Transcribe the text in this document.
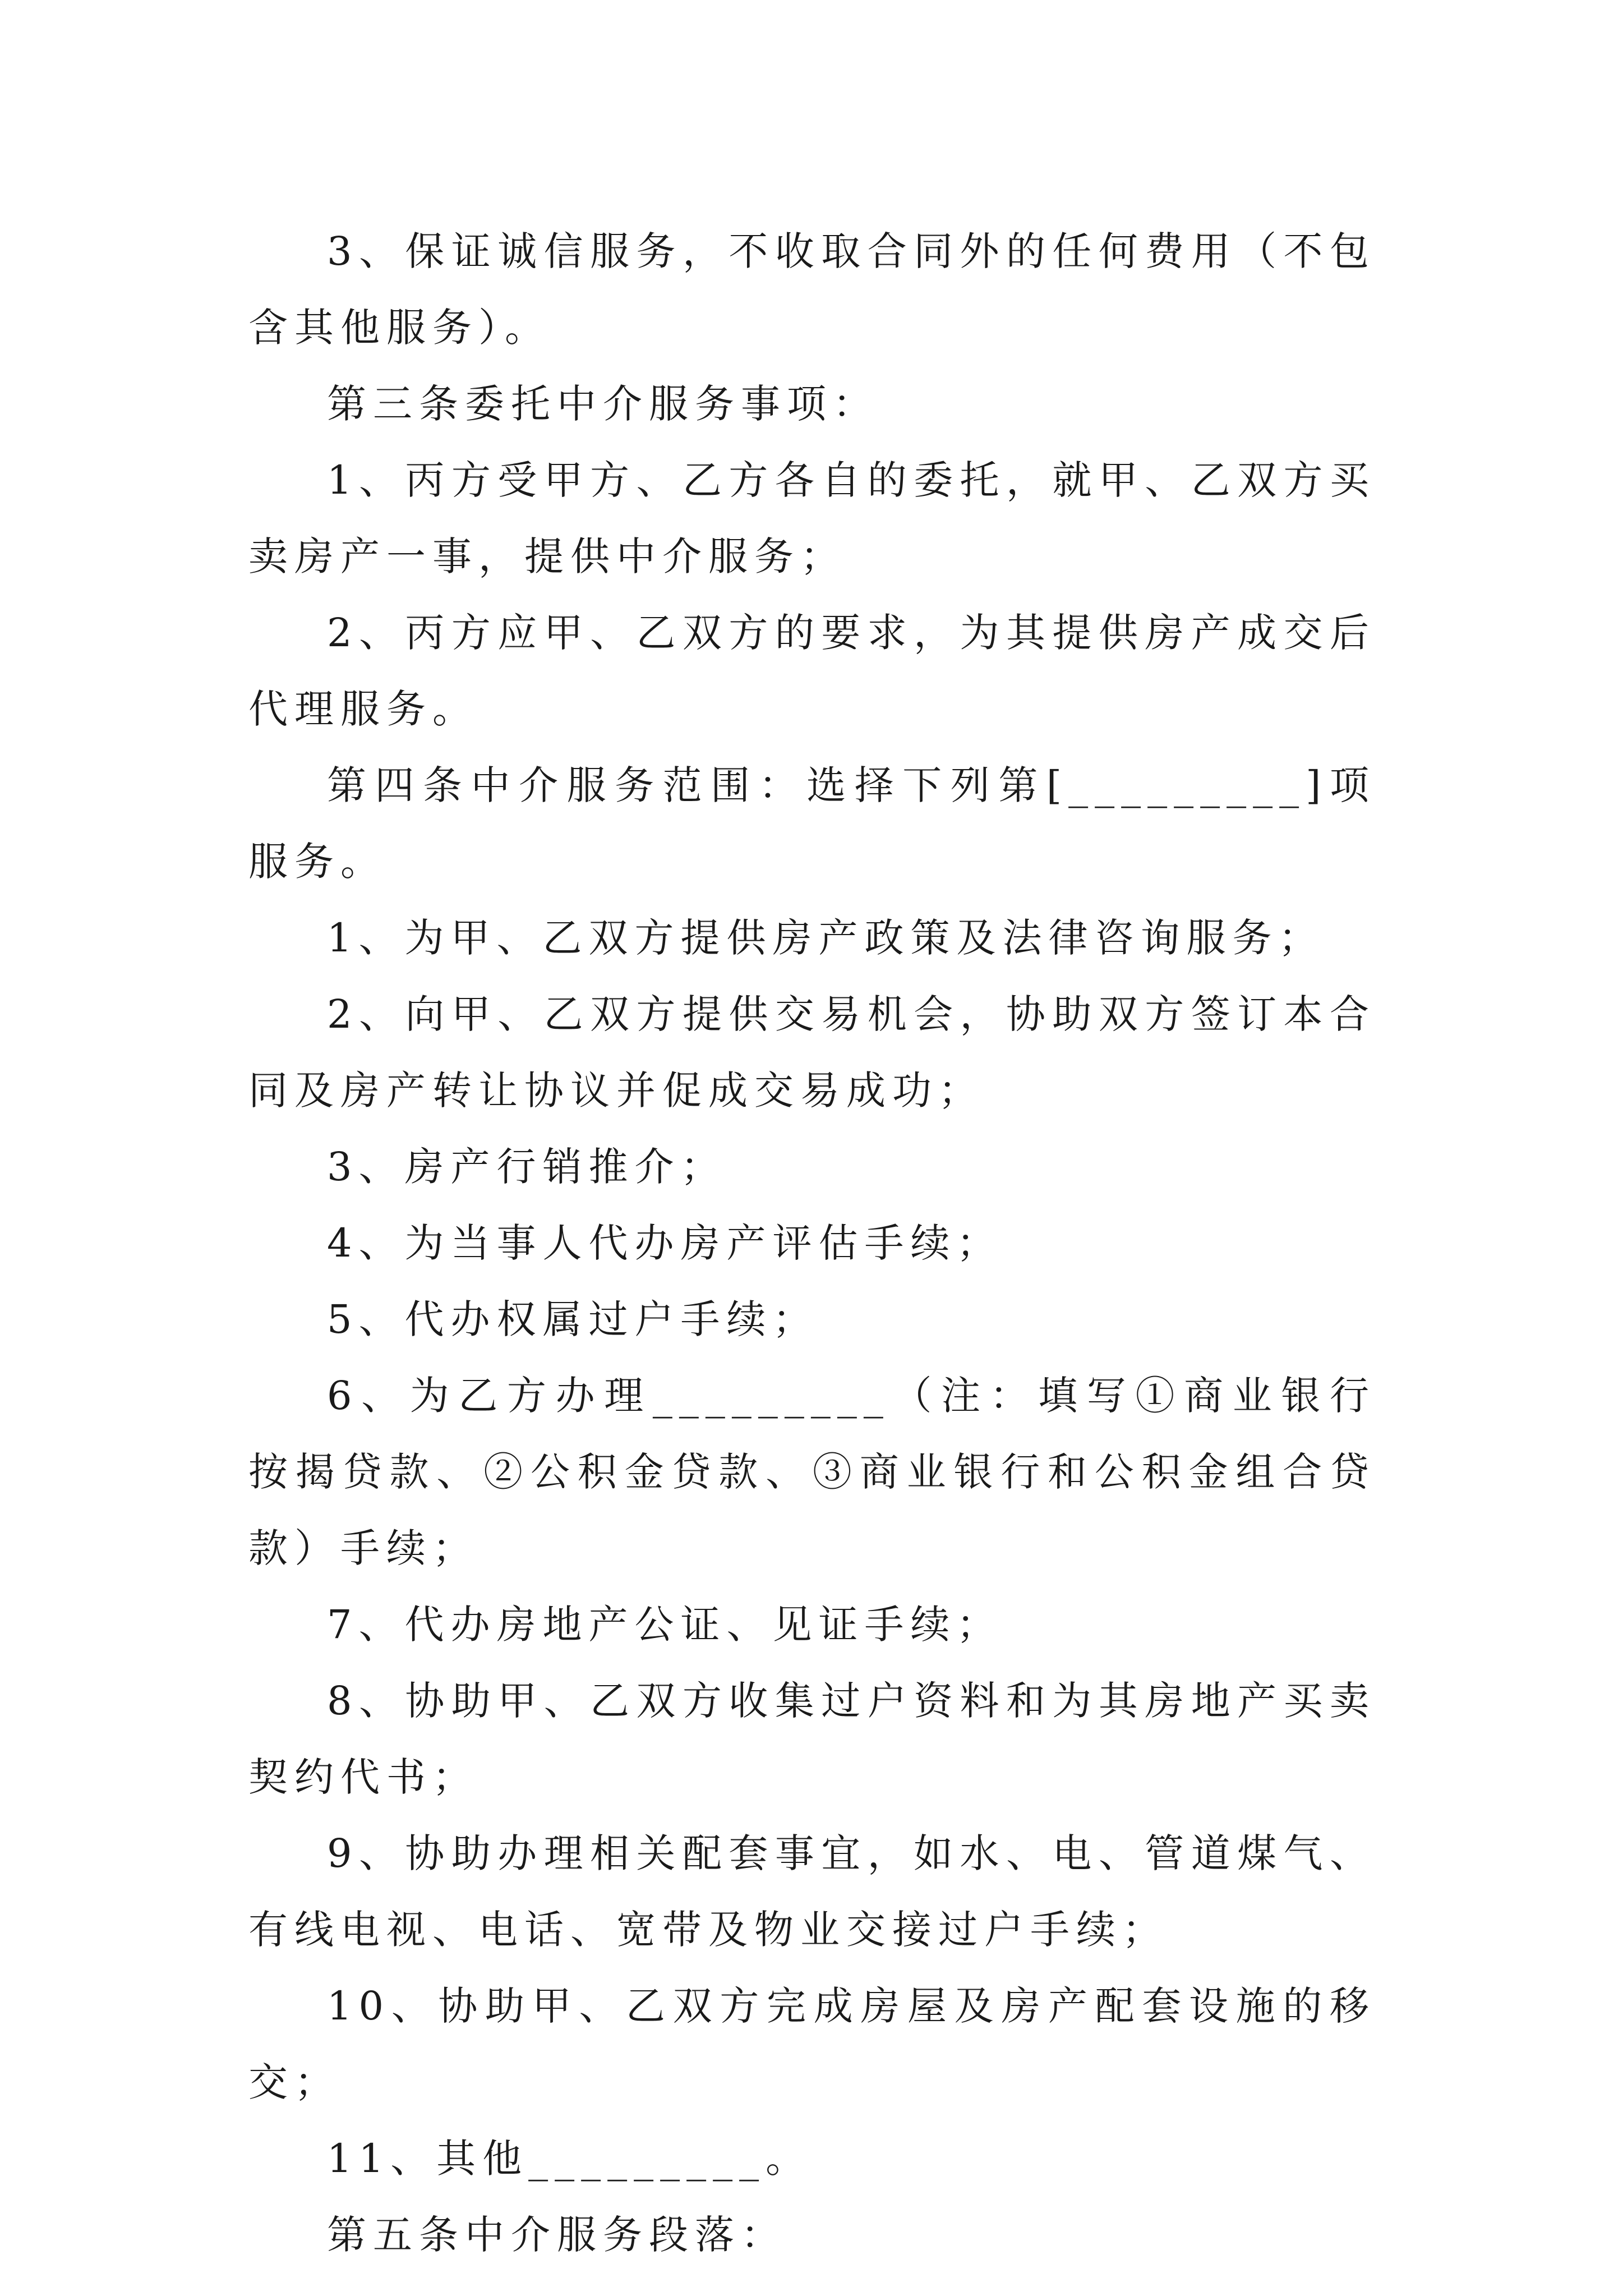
3、保证诚信服务，不收取合同外的任何费用（不包含其他服务）。

第三条委托中介服务事项：

1、丙方受甲方、乙方各自的委托，就甲、乙双方买卖房产一事，提供中介服务；

2、丙方应甲、乙双方的要求，为其提供房产成交后代理服务。

第四条中介服务范围：选择下列第[_________]项服务。

1、为甲、乙双方提供房产政策及法律咨询服务；

2、向甲、乙双方提供交易机会，协助双方签订本合同及房产转让协议并促成交易成功；

3、房产行销推介；

4、为当事人代办房产评估手续；

5、代办权属过户手续；

6、为乙方办理_________（注：填写①商业银行按揭贷款、②公积金贷款、③商业银行和公积金组合贷款）手续；

7、代办房地产公证、见证手续；

8、协助甲、乙双方收集过户资料和为其房地产买卖契约代书；

9、协助办理相关配套事宜，如水、电、管道煤气、有线电视、电话、宽带及物业交接过户手续；

10、协助甲、乙双方完成房屋及房产配套设施的移交；

11、其他_________。

第五条中介服务段落：
